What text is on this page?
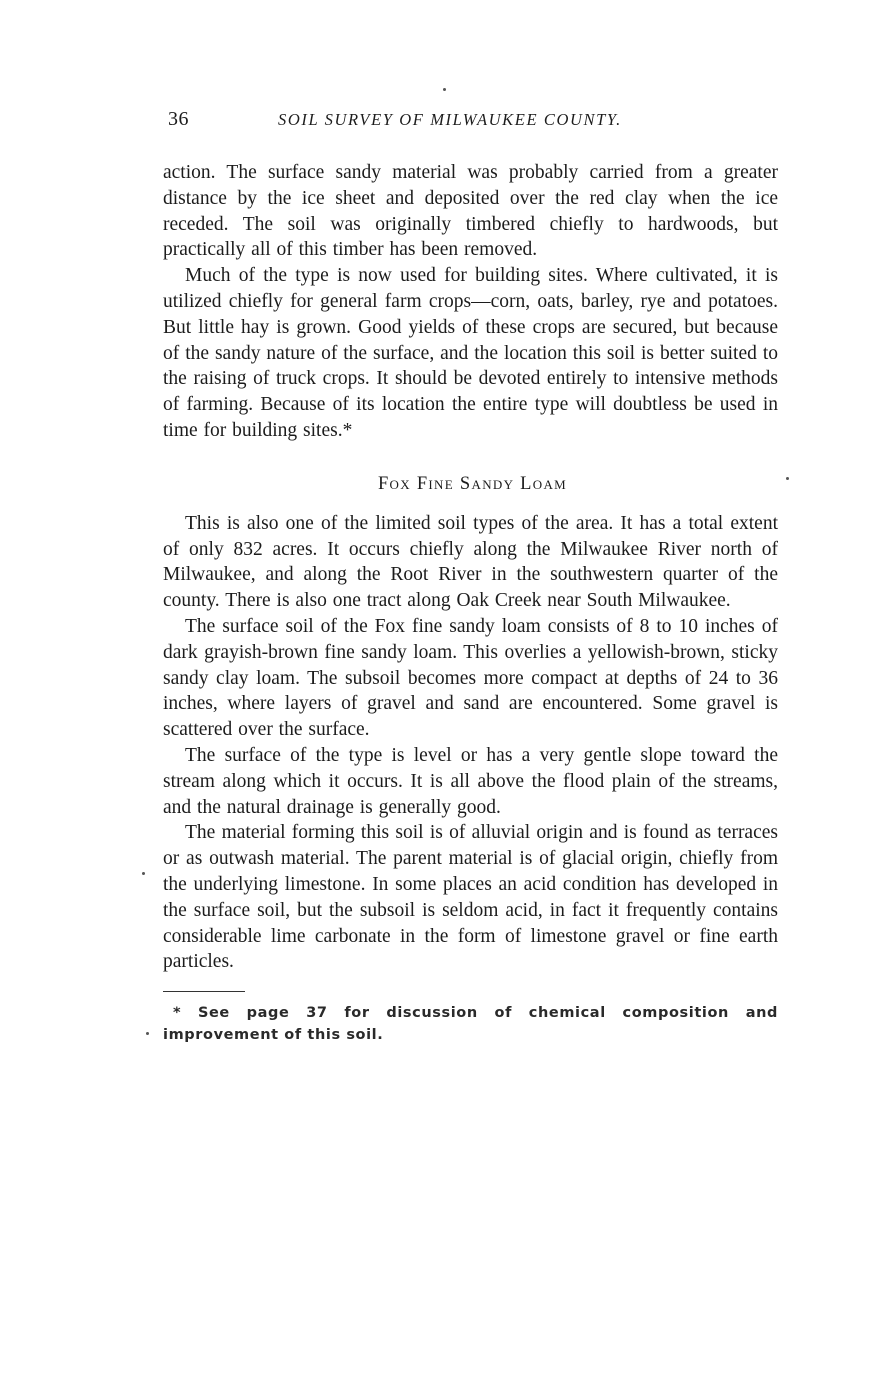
36	SOIL SURVEY OF MILWAUKEE COUNTY.

action. The surface sandy material was probably carried from a greater distance by the ice sheet and deposited over the red clay when the ice receded. The soil was originally timbered chiefly to hardwoods, but practically all of this timber has been removed.

Much of the type is now used for building sites. Where cultivated, it is utilized chiefly for general farm crops—corn, oats, barley, rye and potatoes. But little hay is grown. Good yields of these crops are secured, but because of the sandy nature of the surface, and the location this soil is better suited to the raising of truck crops. It should be devoted entirely to intensive methods of farming. Because of its location the entire type will doubtless be used in time for building sites.*

Fox Fine Sandy Loam

This is also one of the limited soil types of the area. It has a total extent of only 832 acres. It occurs chiefly along the Milwaukee River north of Milwaukee, and along the Root River in the southwestern quarter of the county. There is also one tract along Oak Creek near South Milwaukee.

The surface soil of the Fox fine sandy loam consists of 8 to 10 inches of dark grayish-brown fine sandy loam. This overlies a yellowish-brown, sticky sandy clay loam. The subsoil becomes more compact at depths of 24 to 36 inches, where layers of gravel and sand are encountered. Some gravel is scattered over the surface.

The surface of the type is level or has a very gentle slope toward the stream along which it occurs. It is all above the flood plain of the streams, and the natural drainage is generally good.

The material forming this soil is of alluvial origin and is found as terraces or as outwash material. The parent material is of glacial origin, chiefly from the underlying limestone. In some places an acid condition has developed in the surface soil, but the subsoil is seldom acid, in fact it frequently contains considerable lime carbonate in the form of limestone gravel or fine earth particles.

* See page 37 for discussion of chemical composition and improvement of this soil.
